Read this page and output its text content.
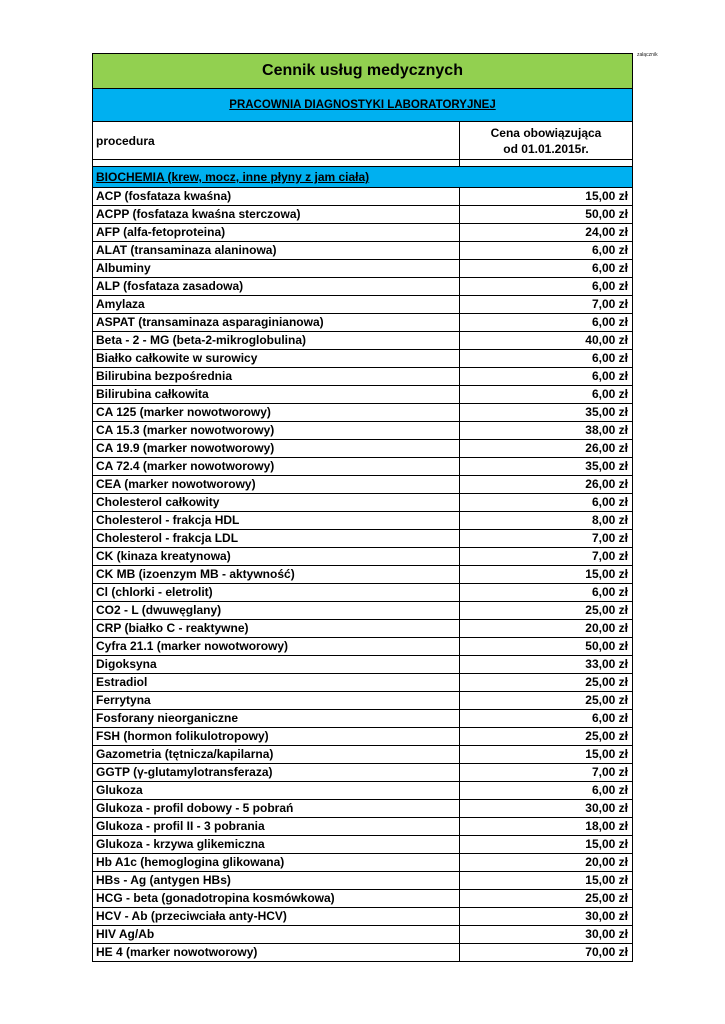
załącznik
Cennik usług medycznych	
PRACOWNIA DIAGNOSTYKI LABORATORYJNEJ	
procedura	Cena obowiązująca
od 01.01.2015r.

BIOCHEMIA (krew, mocz, inne płyny z jam ciała)	
ACP (fosfataza kwaśna)	15,00 zł
ACPP (fosfataza kwaśna sterczowa)	50,00 zł
AFP (alfa-fetoproteina)	24,00 zł
ALAT (transaminaza alaninowa)	6,00 zł
Albuminy	6,00 zł
ALP (fosfataza zasadowa)	6,00 zł
Amylaza	7,00 zł
ASPAT (transaminaza asparaginianowa)	6,00 zł
Beta - 2 - MG (beta-2-mikroglobulina)	40,00 zł
Białko całkowite w surowicy	6,00 zł
Bilirubina bezpośrednia	6,00 zł
Bilirubina całkowita	6,00 zł
CA 125 (marker nowotworowy)	35,00 zł
CA 15.3 (marker nowotworowy)	38,00 zł
CA 19.9 (marker nowotworowy)	26,00 zł
CA 72.4 (marker nowotworowy)	35,00 zł
CEA (marker nowotworowy)	26,00 zł
Cholesterol całkowity	6,00 zł
Cholesterol - frakcja HDL	8,00 zł
Cholesterol - frakcja LDL	7,00 zł
CK (kinaza kreatynowa)	7,00 zł
CK MB (izoenzym MB - aktywność)	15,00 zł
Cl (chlorki - eletrolit)	6,00 zł
CO2 - L (dwuwęglany)	25,00 zł
CRP (białko C - reaktywne)	20,00 zł
Cyfra 21.1 (marker nowotworowy)	50,00 zł
Digoksyna	33,00 zł
Estradiol	25,00 zł
Ferrytyna	25,00 zł
Fosforany nieorganiczne	6,00 zł
FSH (hormon folikulotropowy)	25,00 zł
Gazometria (tętnicza/kapilarna)	15,00 zł
GGTP (γ-glutamylotransferaza)	7,00 zł
Glukoza	6,00 zł
Glukoza - profil dobowy - 5 pobrań	30,00 zł
Glukoza - profil II - 3 pobrania	18,00 zł
Glukoza - krzywa glikemiczna	15,00 zł
Hb A1c (hemoglogina glikowana)	20,00 zł
HBs - Ag (antygen HBs)	15,00 zł
HCG - beta (gonadotropina kosmówkowa)	25,00 zł
HCV - Ab (przeciwciała anty-HCV)	30,00 zł
HIV Ag/Ab	30,00 zł
HE 4 (marker nowotworowy)	70,00 zł
